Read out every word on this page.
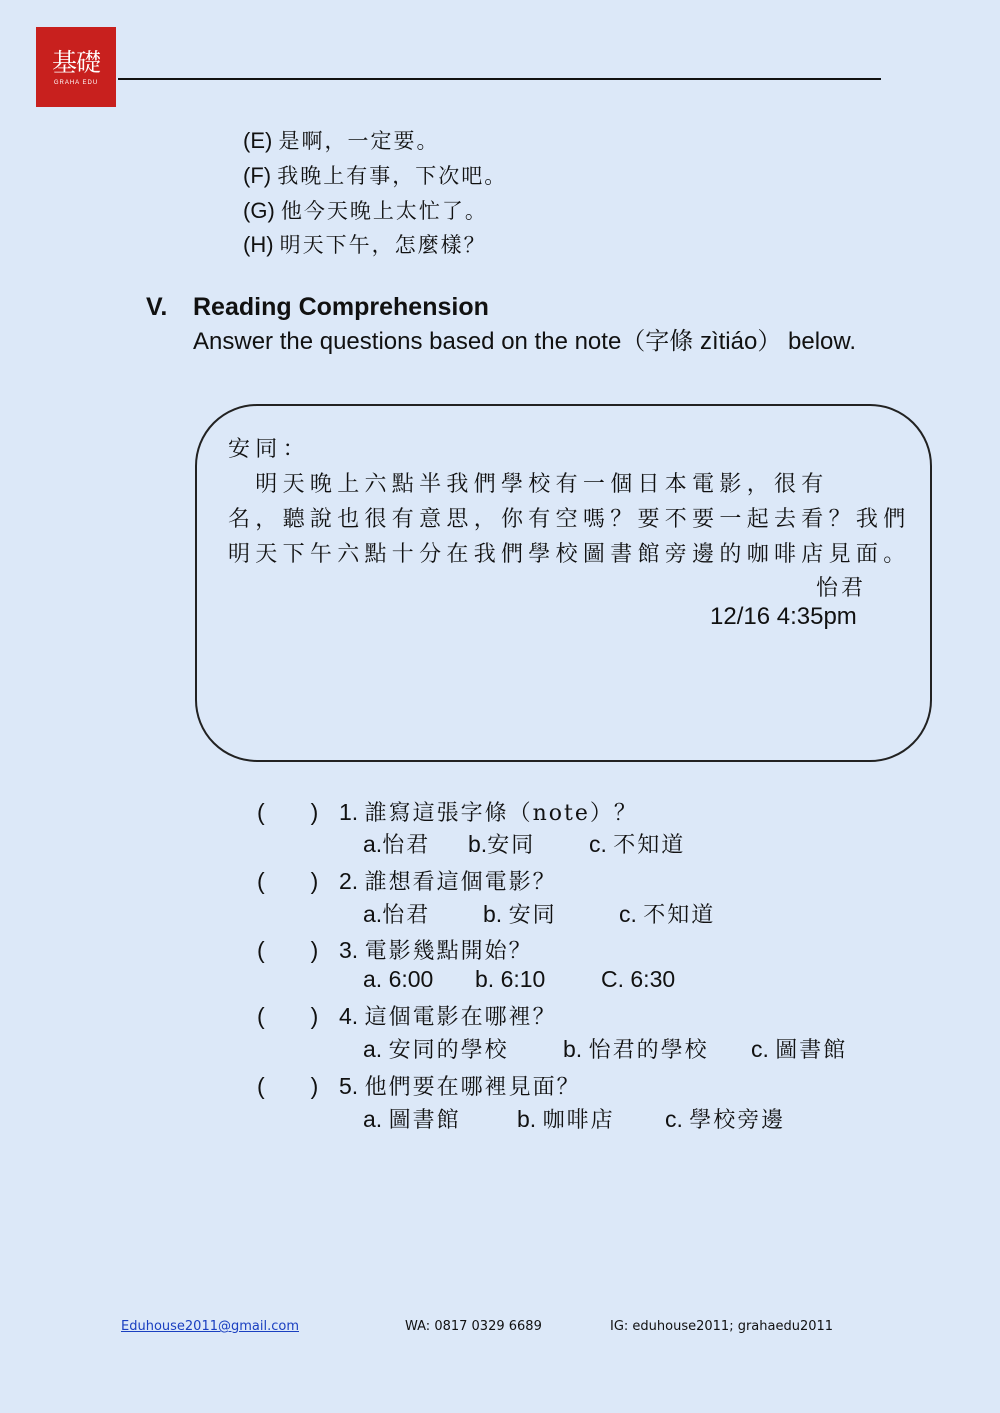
基礎
GRAHA EDU
(E) 是啊，一定要。
(F) 我晚上有事，下次吧。
(G) 他今天晚上太忙了。
(H) 明天下午，怎麼樣？
V. Reading Comprehension
Answer the questions based on the note（字條 zìtiáo） below.
安同：
　明天晚上六點半我們學校有一個日本電影，很有
名，聽說也很有意思，你有空嗎？要不要一起去看？我們
明天下午六點十分在我們學校圖書館旁邊的咖啡店見面。
怡君
12/16 4:35pm
(　　) 1. 誰寫這張字條（note）？
a.怡君 b.安同 c. 不知道
(　　) 2. 誰想看這個電影？
a.怡君 b. 安同	c. 不知道
(　　) 3. 電影幾點開始？
a. 6:00 b. 6:10 C. 6:30
(　　) 4. 這個電影在哪裡？
a. 安同的學校 b. 怡君的學校 c. 圖書館
(　　) 5. 他們要在哪裡見面？
a. 圖書館 b. 咖啡店 c. 學校旁邊
Eduhouse2011@gmail.com	WA: 0817 0329 6689	IG: eduhouse2011; grahaedu2011
